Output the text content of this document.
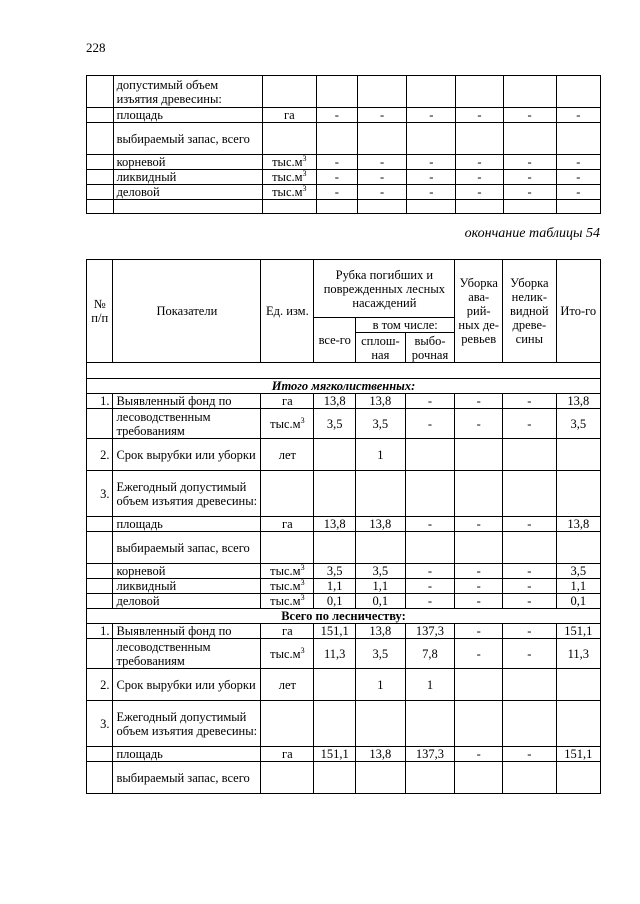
228
	допустимый объем изъятия древесины:							
	площадь	га	-	-	-	-	-	-
	выбираемый запас, всего							
	корневой	$тыс.м^3$	-	-	-	-	-	-
	ликвидный	$тыс.м^3$	-	-	-	-	-	-
	деловой	$тыс.м^3$	-	-	-	-	-	-

окончание таблицы 54
№ п/п	Показатели	Ед. изм.	Рубка погибших и поврежденных лесных насаждений			Уборка ава-рий-ных де-ревьев	Уборка нелик-видной древе-сины	Ито-го
			все-го	в том числе:				
				сплош-ная	выбо-рочная			

Итого мягколиственных:								
1.	Выявленный фонд по	га	13,8	13,8	-	-	-	13,8
	лесоводственным требованиям	$тыс.м^3$	3,5	3,5	-	-	-	3,5
2.	Срок вырубки или уборки	лет		1				
3.	Ежегодный допустимый объем изъятия древесины:							
	площадь	га	13,8	13,8	-	-	-	13,8
	выбираемый запас, всего							
	корневой	$тыс.м^3$	3,5	3,5	-	-	-	3,5
	ликвидный	$тыс.м^3$	1,1	1,1	-	-	-	1,1
	деловой	$тыс.м^3$	0,1	0,1	-	-	-	0,1
Всего по лесничеству:								
1.	Выявленный фонд по	га	151,1	13,8	137,3	-	-	151,1
	лесоводственным требованиям	$тыс.м^3$	11,3	3,5	7,8	-	-	11,3
2.	Срок вырубки или уборки	лет		1	1			
3.	Ежегодный допустимый объем изъятия древесины:							
	площадь	га	151,1	13,8	137,3	-	-	151,1
	выбираемый запас, всего							
